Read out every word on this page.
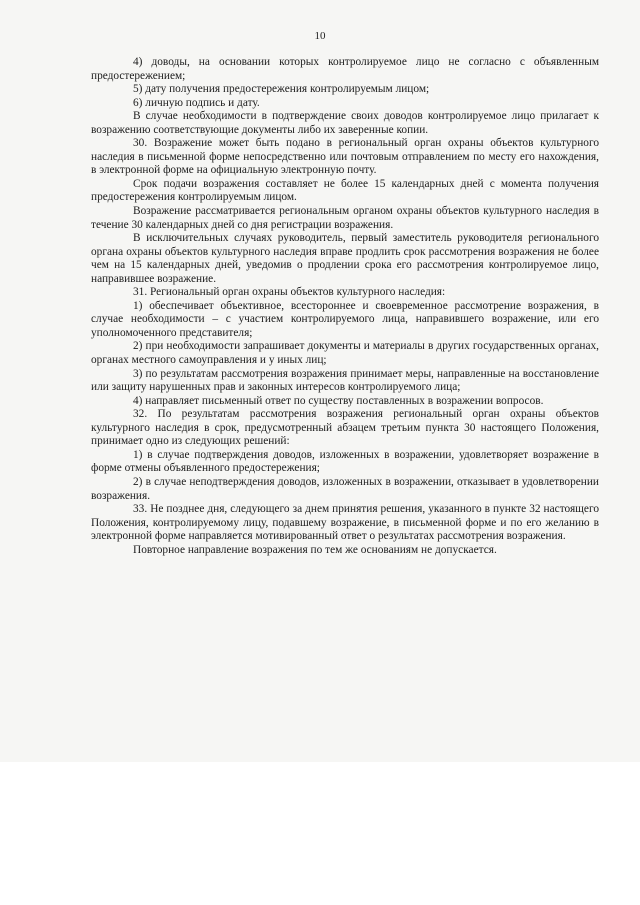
10

4) доводы, на основании которых контролируемое лицо не согласно с объявленным предостережением;

5) дату получения предостережения контролируемым лицом;

6) личную подпись и дату.

В случае необходимости в подтверждение своих доводов контролируемое лицо прилагает к возражению соответствующие документы либо их заверенные копии.

30. Возражение может быть подано в региональный орган охраны объектов культурного наследия в письменной форме непосредственно или почтовым отправлением по месту его нахождения, в электронной форме на официальную электронную почту.

Срок подачи возражения составляет не более 15 календарных дней с момента получения предостережения контролируемым лицом.

Возражение рассматривается региональным органом охраны объектов культурного наследия в течение 30 календарных дней со дня регистрации возражения.

В исключительных случаях руководитель, первый заместитель руководителя регионального органа охраны объектов культурного наследия вправе продлить срок рассмотрения возражения не более чем на 15 календарных дней, уведомив о продлении срока его рассмотрения контролируемое лицо, направившее возражение.

31. Региональный орган охраны объектов культурного наследия:

1) обеспечивает объективное, всестороннее и своевременное рассмотрение возражения, в случае необходимости – с участием контролируемого лица, направившего возражение, или его уполномоченного представителя;

2) при необходимости запрашивает документы и материалы в других государственных органах, органах местного самоуправления и у иных лиц;

3) по результатам рассмотрения возражения принимает меры, направленные на восстановление или защиту нарушенных прав и законных интересов контролируемого лица;

4) направляет письменный ответ по существу поставленных в возражении вопросов.

32. По результатам рассмотрения возражения региональный орган охраны объектов культурного наследия в срок, предусмотренный абзацем третьим пункта 30 настоящего Положения, принимает одно из следующих решений:

1) в случае подтверждения доводов, изложенных в возражении, удовлетворяет возражение в форме отмены объявленного предостережения;

2) в случае неподтверждения доводов, изложенных в возражении, отказывает в удовлетворении возражения.

33. Не позднее дня, следующего за днем принятия решения, указанного в пункте 32 настоящего Положения, контролируемому лицу, подавшему возражение, в письменной форме и по его желанию в электронной форме направляется мотивированный ответ о результатах рассмотрения возражения.

Повторное направление возражения по тем же основаниям не допускается.
